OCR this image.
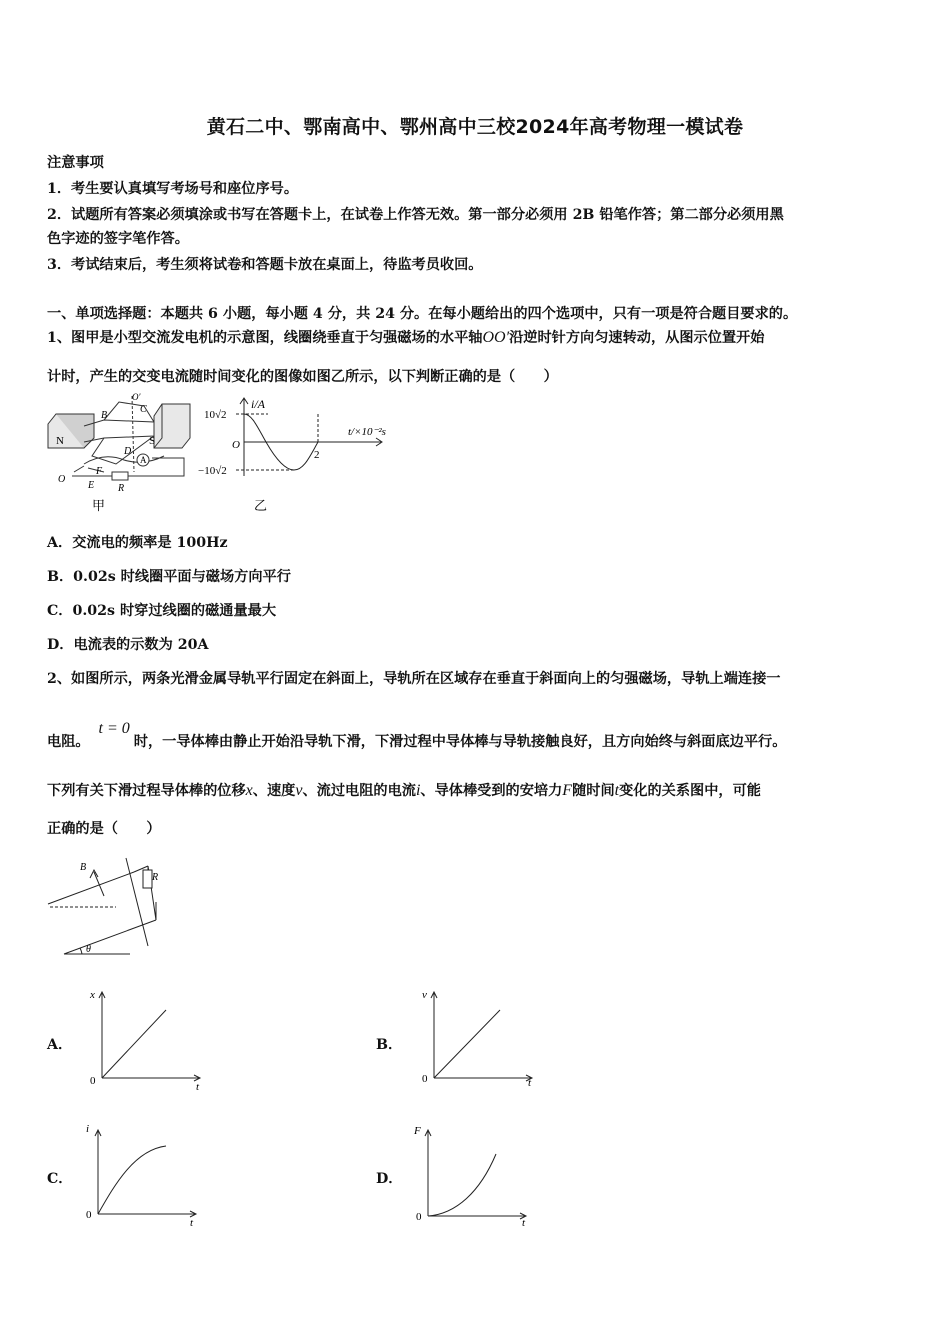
黄石二中、鄂南高中、鄂州高中三校2024年高考物理一模试卷
注意事项
1．考生要认真填写考场号和座位序号。
2．试题所有答案必须填涂或书写在答题卡上，在试卷上作答无效。第一部分必须用 2B 铅笔作答；第二部分必须用黑
色字迹的签字笔作答。
3．考试结束后，考生须将试卷和答题卡放在桌面上，待监考员收回。
一、单项选择题：本题共 6 小题，每小题 4 分，共 24 分。在每小题给出的四个选项中，只有一项是符合题目要求的。
1、图甲是小型交流发电机的示意图，线圈绕垂直于匀强磁场的水平轴OO′沿逆时针方向匀速转动，从图示位置开始
计时，产生的交变电流随时间变化的图像如图乙所示，以下判断正确的是（　　）
N	S
B
C
D
A
F
E R
O
O′
甲
i/A
t/×10⁻²s
10√2
−10√2
O
2
乙
A．交流电的频率是 100Hz
B．0.02s 时线圈平面与磁场方向平行
C．0.02s 时穿过线圈的磁通量最大
D．电流表的示数为 20A
2、如图所示，两条光滑金属导轨平行固定在斜面上，导轨所在区域存在垂直于斜面向上的匀强磁场，导轨上端连接一
电阻。 t = 0时，一导体棒由静止开始沿导轨下滑，下滑过程中导体棒与导轨接触良好，且方向始终与斜面底边平行。
下列有关下滑过程导体棒的位移x、速度v、流过电阻的电流i、导体棒受到的安培力F随时间t变化的关系图中，可能
正确的是（　　）
B
R
θ
A．
x
t
0
B．
v
t
0
C．
i
t
0
D．
F
t
0
